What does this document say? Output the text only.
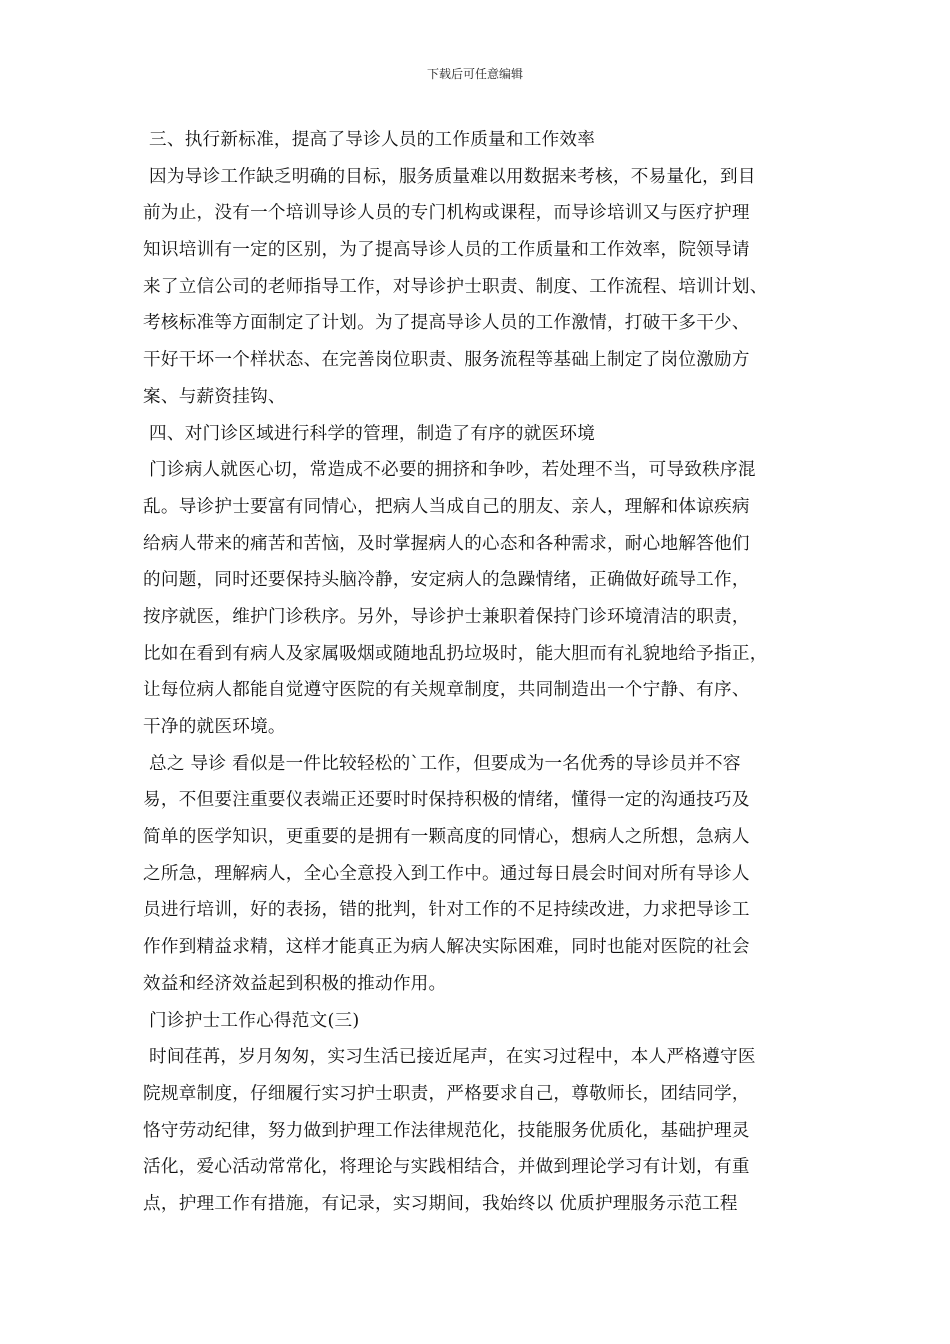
下载后可任意编辑
三、执行新标准，提高了导诊人员的工作质量和工作效率
因为导诊工作缺乏明确的目标，服务质量难以用数据来考核，不易量化，到目
前为止，没有一个培训导诊人员的专门机构或课程，而导诊培训又与医疗护理
知识培训有一定的区别，为了提高导诊人员的工作质量和工作效率，院领导请
来了立信公司的老师指导工作，对导诊护士职责、制度、工作流程、培训计划、
考核标准等方面制定了计划。为了提高导诊人员的工作激情，打破干多干少、
干好干坏一个样状态、在完善岗位职责、服务流程等基础上制定了岗位激励方
案、与薪资挂钩、
四、对门诊区域进行科学的管理，制造了有序的就医环境
门诊病人就医心切，常造成不必要的拥挤和争吵，若处理不当，可导致秩序混
乱。导诊护士要富有同情心，把病人当成自己的朋友、亲人，理解和体谅疾病
给病人带来的痛苦和苦恼，及时掌握病人的心态和各种需求，耐心地解答他们
的问题，同时还要保持头脑冷静，安定病人的急躁情绪，正确做好疏导工作，
按序就医，维护门诊秩序。另外，导诊护士兼职着保持门诊环境清洁的职责，
比如在看到有病人及家属吸烟或随地乱扔垃圾时，能大胆而有礼貌地给予指正，
让每位病人都能自觉遵守医院的有关规章制度，共同制造出一个宁静、有序、
干净的就医环境。
总之 导诊 看似是一件比较轻松的`工作，但要成为一名优秀的导诊员并不容
易，不但要注重要仪表端正还要时时保持积极的情绪，懂得一定的沟通技巧及
简单的医学知识，更重要的是拥有一颗高度的同情心，想病人之所想，急病人
之所急，理解病人，全心全意投入到工作中。通过每日晨会时间对所有导诊人
员进行培训，好的表扬，错的批判，针对工作的不足持续改进，力求把导诊工
作作到精益求精，这样才能真正为病人解决实际困难，同时也能对医院的社会
效益和经济效益起到积极的推动作用。
门诊护士工作心得范文(三)
时间荏苒，岁月匆匆，实习生活已接近尾声，在实习过程中，本人严格遵守医
院规章制度，仔细履行实习护士职责，严格要求自己，尊敬师长，团结同学，
恪守劳动纪律，努力做到护理工作法律规范化，技能服务优质化，基础护理灵
活化，爱心活动常常化，将理论与实践相结合，并做到理论学习有计划，有重
点，护理工作有措施，有记录，实习期间，我始终以 优质护理服务示范工程
